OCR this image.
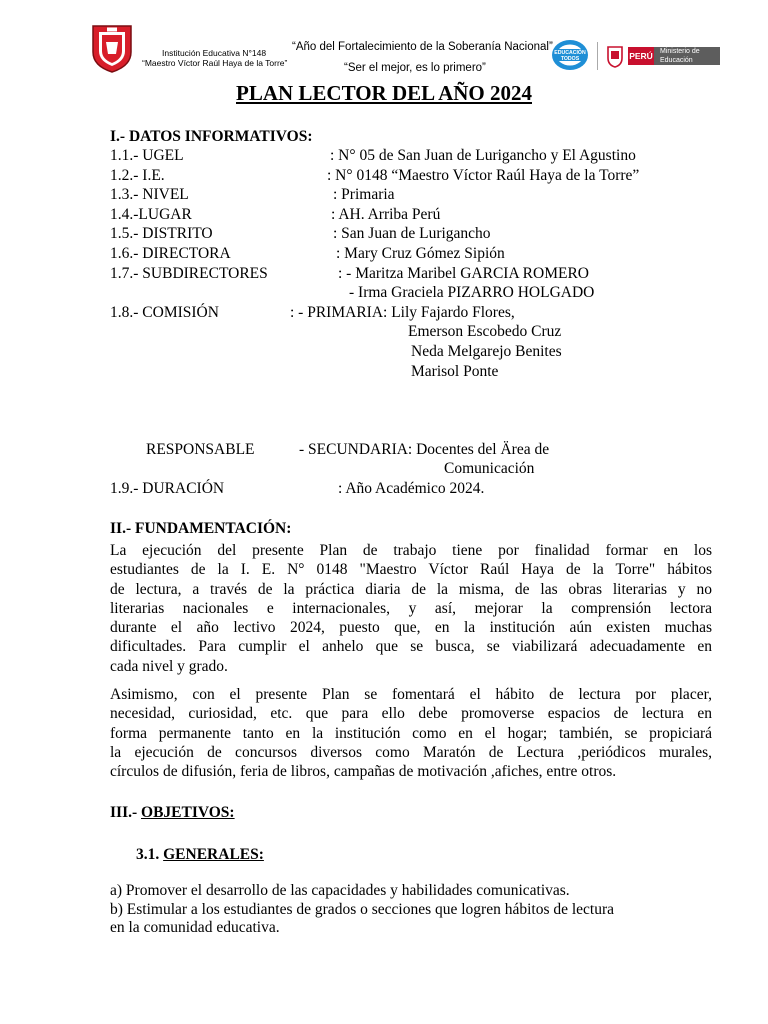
Institución Educativa N°148
“Maestro Víctor Raúl Haya de la Torre”
“Año del Fortalecimiento de la Soberanía Nacional”
“Ser el mejor, es lo primero”
EDUCACIÓN
TODOS	PERÚ	Ministerio de Educación
PLAN LECTOR DEL AÑO 2024
I.- DATOS INFORMATIVOS:
1.1.- UGEL	: N° 05 de San Juan de Lurigancho y El Agustino
1.2.- I.E.	: N° 0148 “Maestro Víctor Raúl Haya de la Torre”
1.3.- NIVEL	: Primaria
1.4.-LUGAR	: AH. Arriba Perú
1.5.- DISTRITO	: San Juan de Lurigancho
1.6.- DIRECTORA	: Mary Cruz Gómez Sipión
1.7.- SUBDIRECTORES	: - Maritza Maribel GARCIA ROMERO
- Irma Graciela PIZARRO HOLGADO
1.8.- COMISIÓN	: - PRIMARIA: Lily Fajardo Flores,
Emerson Escobedo Cruz
Neda Melgarejo Benites
Marisol Ponte
RESPONSABLE	- SECUNDARIA: Docentes del Ärea de
Comunicación
1.9.- DURACIÓN	: Año Académico 2024.
II.- FUNDAMENTACIÓN:
La ejecución del presente Plan de trabajo tiene por finalidad formar en los
estudiantes de la I. E. N° 0148 "Maestro Víctor Raúl Haya de la Torre" hábitos
de lectura, a través de la práctica diaria de la misma, de las obras literarias y no
literarias nacionales e internacionales, y así, mejorar la comprensión lectora
durante el año lectivo 2024, puesto que, en la institución aún existen muchas
dificultades. Para cumplir el anhelo que se busca, se viabilizará adecuadamente en
cada nivel y grado.
Asimismo, con el presente Plan se fomentará el hábito de lectura por placer,
necesidad, curiosidad, etc. que para ello debe promoverse espacios de lectura en
forma permanente tanto en la institución como en el hogar; también, se propiciará
la ejecución de concursos diversos como Maratón de Lectura ,periódicos murales,
círculos de difusión, feria de libros, campañas de motivación ,afiches, entre otros.
III.- OBJETIVOS:
3.1. GENERALES:
a) Promover el desarrollo de las capacidades y habilidades comunicativas.
b) Estimular a los estudiantes de grados o secciones que logren hábitos de lectura
en la comunidad educativa.
